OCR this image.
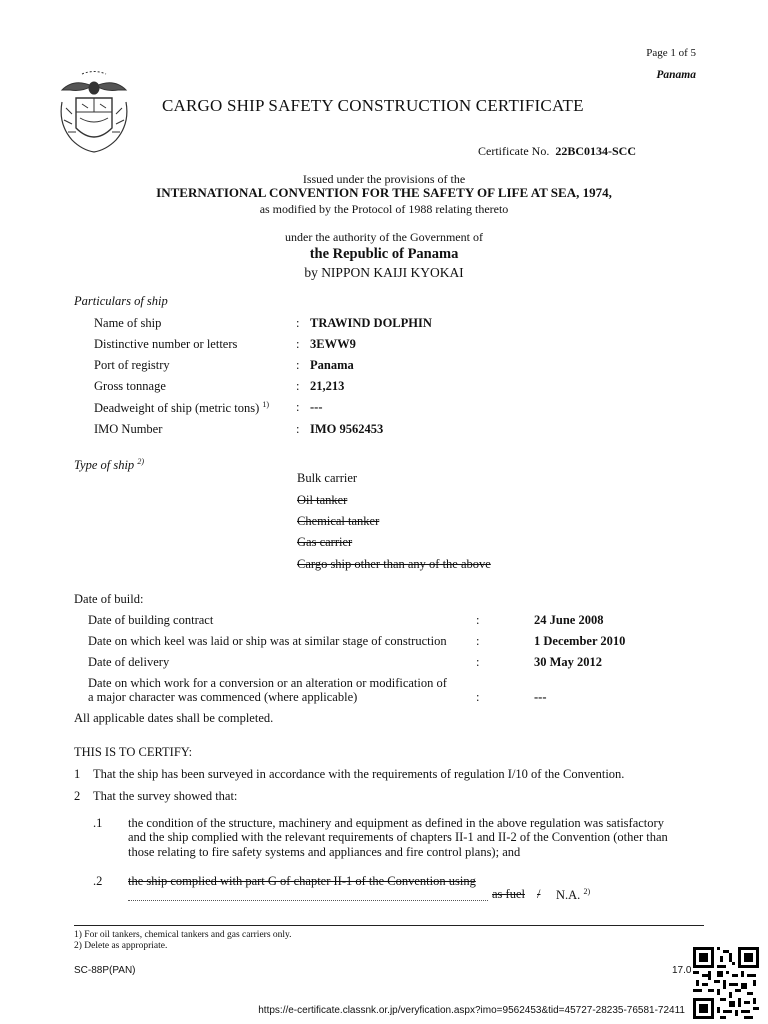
Page 1 of 5
Panama
CARGO SHIP SAFETY CONSTRUCTION CERTIFICATE
Certificate No. 22BC0134-SCC
Issued under the provisions of the
INTERNATIONAL CONVENTION FOR THE SAFETY OF LIFE AT SEA, 1974,
as modified by the Protocol of 1988 relating thereto
under the authority of the Government of
the Republic of Panama
by NIPPON KAIJI KYOKAI
Particulars of ship
Name of ship	: TRAWIND DOLPHIN
Distinctive number or letters	: 3EWW9
Port of registry	: Panama
Gross tonnage	: 21,213
Deadweight of ship (metric tons) $^{1)}$ : ---
IMO Number	: IMO 9562453
Type of ship $^{2)}$
Bulk carrier
Oil tanker
Chemical tanker
Gas carrier
Cargo ship other than any of the above
Date of build:
Date of building contract	:	24 June 2008
Date on which keel was laid or ship was at similar stage of construction :	1 December 2010
Date of delivery	:	30 May 2012
Date on which work for a conversion or an alteration or modification of
a major character was commenced (where applicable)	:	---
All applicable dates shall be completed.
THIS IS TO CERTIFY:
1 That the ship has been surveyed in accordance with the requirements of regulation I/10 of the Convention.
2 That the survey showed that:
.1 the condition of the structure, machinery and equipment as defined in the above regulation was satisfactory
and the ship complied with the relevant requirements of chapters II-1 and II-2 of the Convention (other than
those relating to fire safety systems and appliances and fire control plans); and
.2 the ship complied with part G of chapter II-1 of the Convention using
as fuel / N.A. $^{2)}$
1) For oil tankers, chemical tankers and gas carriers only.
2) Delete as appropriate.
SC-88P(PAN)	17.0
https://e-certificate.classnk.or.jp/veryfication.aspx?imo=9562453&tid=45727-28235-76581-72411
